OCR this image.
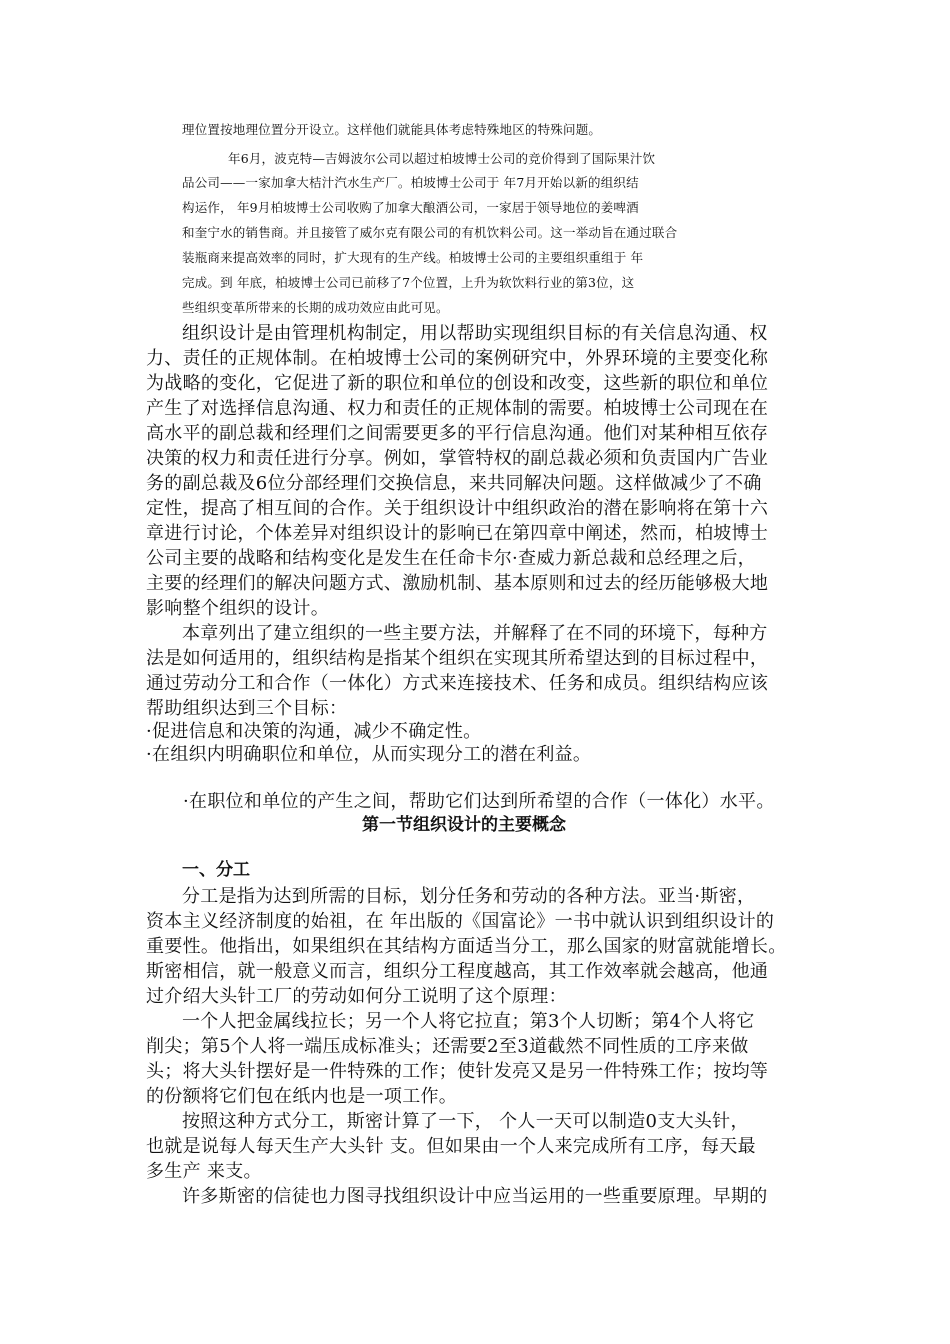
理位置按地理位置分开设立。这样他们就能具体考虑特殊地区的特殊问题。
年6月，波克特—吉姆波尔公司以超过柏坡博士公司的竞价得到了国际果汁饮
品公司——一家加拿大桔汁汽水生产厂。柏坡博士公司于 年7月开始以新的组织结
构运作， 年9月柏坡博士公司收购了加拿大酿酒公司，一家居于领导地位的姜啤酒
和奎宁水的销售商。并且接管了威尔克有限公司的有机饮料公司。这一举动旨在通过联合
装瓶商来提高效率的同时，扩大现有的生产线。柏坡博士公司的主要组织重组于 年
完成。到 年底，柏坡博士公司已前移了7个位置，上升为软饮料行业的第3位，这
些组织变革所带来的长期的成功效应由此可见。
组织设计是由管理机构制定，用以帮助实现组织目标的有关信息沟通、权
力、责任的正规体制。在柏坡博士公司的案例研究中，外界环境的主要变化称
为战略的变化，它促进了新的职位和单位的创设和改变，这些新的职位和单位
产生了对选择信息沟通、权力和责任的正规体制的需要。柏坡博士公司现在在
高水平的副总裁和经理们之间需要更多的平行信息沟通。他们对某种相互依存
决策的权力和责任进行分享。例如，掌管特权的副总裁必须和负责国内广告业
务的副总裁及6位分部经理们交换信息，来共同解决问题。这样做减少了不确
定性，提高了相互间的合作。关于组织设计中组织政治的潜在影响将在第十六
章进行讨论，个体差异对组织设计的影响已在第四章中阐述，然而，柏坡博士
公司主要的战略和结构变化是发生在任命卡尔·查威力新总裁和总经理之后，
主要的经理们的解决问题方式、激励机制、基本原则和过去的经历能够极大地
影响整个组织的设计。
本章列出了建立组织的一些主要方法，并解释了在不同的环境下，每种方
法是如何适用的，组织结构是指某个组织在实现其所希望达到的目标过程中，
通过劳动分工和合作（一体化）方式来连接技术、任务和成员。组织结构应该
帮助组织达到三个目标：
·促进信息和决策的沟通，减少不确定性。
·在组织内明确职位和单位，从而实现分工的潜在利益。
·在职位和单位的产生之间，帮助它们达到所希望的合作（一体化）水平。
第一节组织设计的主要概念
一、分工
分工是指为达到所需的目标，划分任务和劳动的各种方法。亚当·斯密，
资本主义经济制度的始祖，在 年出版的《国富论》一书中就认识到组织设计的
重要性。他指出，如果组织在其结构方面适当分工，那么国家的财富就能增长。
斯密相信，就一般意义而言，组织分工程度越高，其工作效率就会越高，他通
过介绍大头针工厂的劳动如何分工说明了这个原理：
一个人把金属线拉长；另一个人将它拉直；第3个人切断；第4个人将它
削尖；第5个人将一端压成标准头；还需要2至3道截然不同性质的工序来做
头；将大头针摆好是一件特殊的工作；使针发亮又是另一件特殊工作；按均等
的份额将它们包在纸内也是一项工作。
按照这种方式分工，斯密计算了一下， 个人一天可以制造0支大头针，
也就是说每人每天生产大头针 支。但如果由一个人来完成所有工序，每天最
多生产 来支。
许多斯密的信徒也力图寻找组织设计中应当运用的一些重要原理。早期的
